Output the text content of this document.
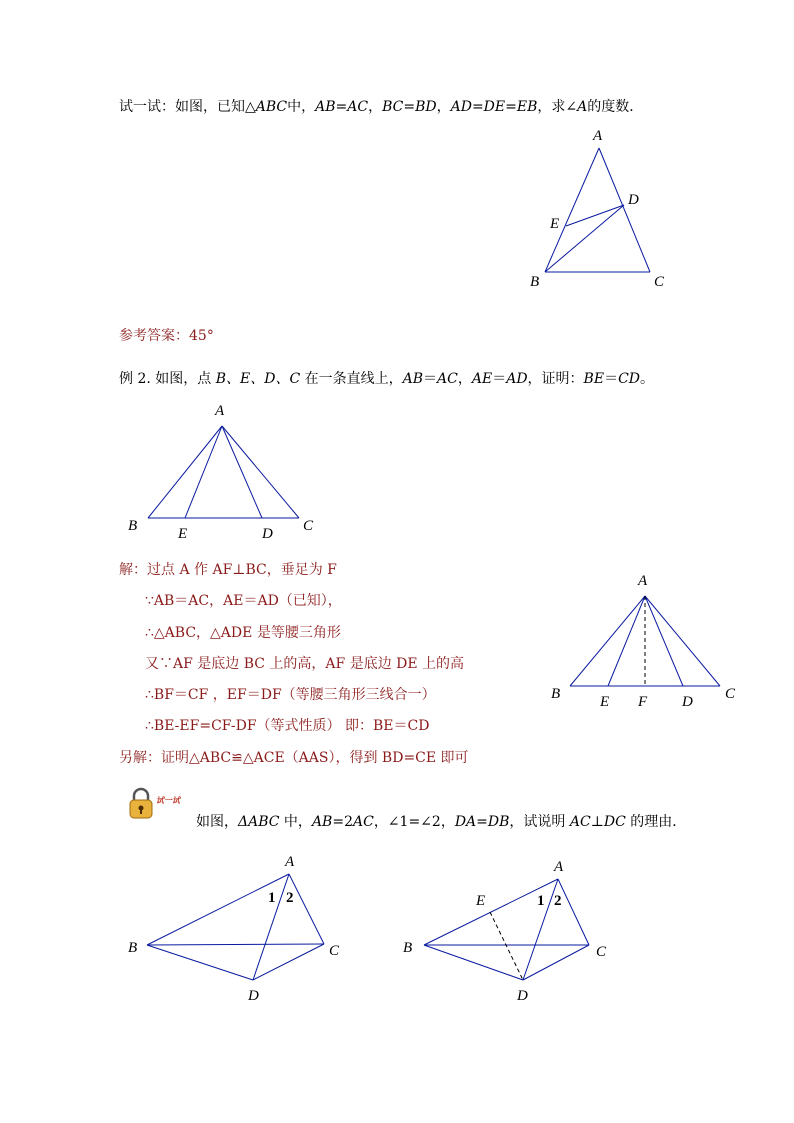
试一试：如图，已知△ABC中，AB=AC，BC=BD，AD=DE=EB，求∠A的度数．
A
D
E
B	C
参考答案：45°
例 2. 如图，点 B、E、D、C 在一条直线上，AB＝AC，AE＝AD，证明：BE＝CD。
A
B	E	D C
解：过点 A 作 AF⊥BC，垂足为 F
∵AB＝AC，AE＝AD（已知），
∴△ABC，△ADE 是等腰三角形
又∵AF 是底边 BC 上的高，AF 是底边 DE 上的高
∴BF＝CF ，EF＝DF（等腰三角形三线合一）
∴BE-EF=CF-DF（等式性质） 即：BE＝CD
另解：证明△ABC≌△ACE（AAS），得到 BD=CE 即可
A
B	E F D C
试一试
如图，ΔABC 中，AB=2AC，∠1=∠2，DA=DB，试说明 AC⊥DC 的理由．
A
1 2
B	C
D
A
E	1 2
B	C
D
